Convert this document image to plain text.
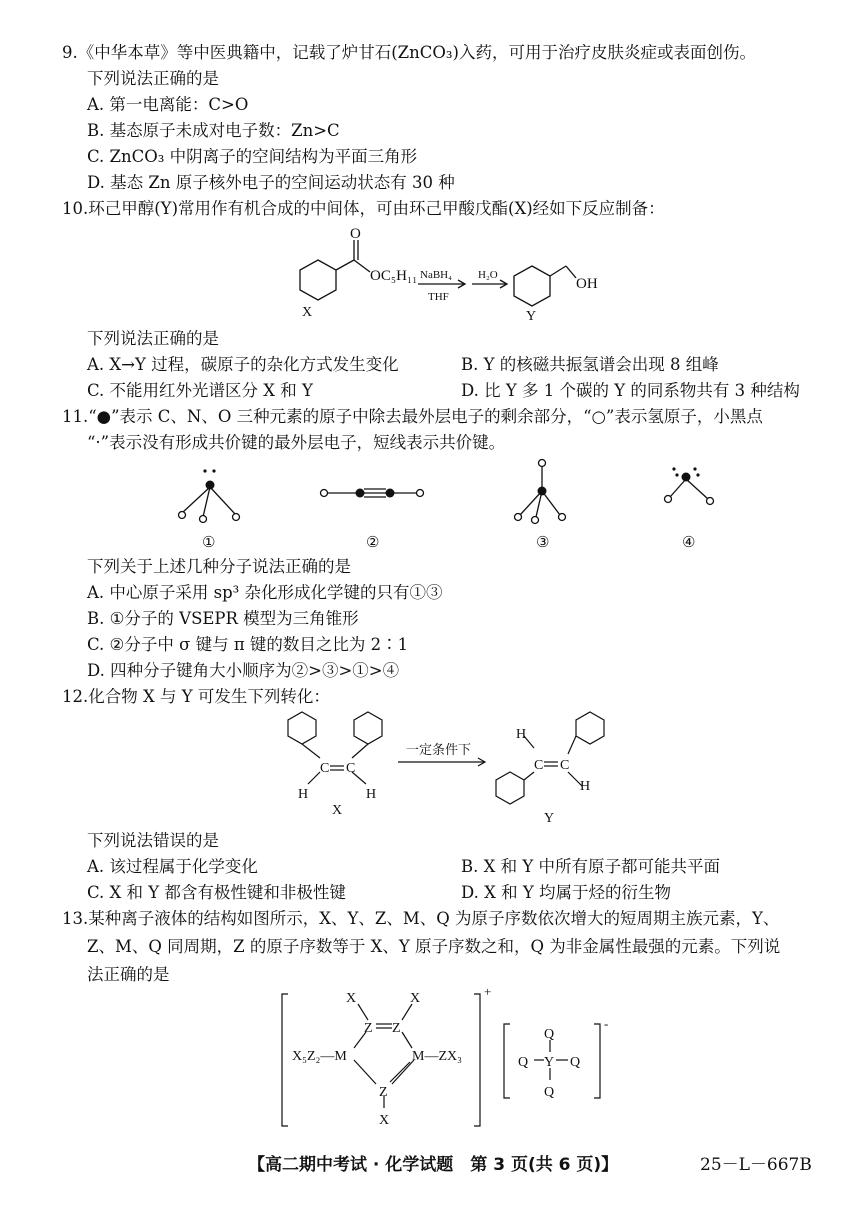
9.《中华本草》等中医典籍中，记载了炉甘石(ZnCO₃)入药，可用于治疗皮肤炎症或表面创伤。
下列说法正确的是
A. 第一电离能：C>O
B. 基态原子未成对电子数：Zn>C
C. ZnCO₃ 中阴离子的空间结构为平面三角形
D. 基态 Zn 原子核外电子的空间运动状态有 30 种
10.环己甲醇(Y)常用作有机合成的中间体，可由环己甲酸戊酯(X)经如下反应制备：
O
OC₅H₁₁ NaBH₄
THF
H₂O
OH
X	Y
下列说法正确的是
A. X→Y 过程，碳原子的杂化方式发生变化	B. Y 的核磁共振氢谱会出现 8 组峰
C. 不能用红外光谱区分 X 和 Y	D. 比 Y 多 1 个碳的 Y 的同系物共有 3 种结构
11.“●”表示 C、N、O 三种元素的原子中除去最外层电子的剩余部分，“○”表示氢原子，小黑点
“·”表示没有形成共价键的最外层电子，短线表示共价键。
①	②	③	④
下列关于上述几种分子说法正确的是
A. 中心原子采用 sp³ 杂化形成化学键的只有①③
B. ①分子的 VSEPR 模型为三角锥形
C. ②分子中 σ 键与 π 键的数目之比为 2∶1
D. 四种分子键角大小顺序为②>③>①>④
12.化合物 X 与 Y 可发生下列转化：
C C
H	H
X
一定条件下
H
C C
H
Y
下列说法错误的是
A. 该过程属于化学变化	B. X 和 Y 中所有原子都可能共平面
C. X 和 Y 都含有极性键和非极性键	D. X 和 Y 均属于烃的衍生物
13.某种离子液体的结构如图所示，X、Y、Z、M、Q 为原子序数依次增大的短周期主族元素，Y、
Z、M、Q 同周期，Z 的原子序数等于 X、Y 原子序数之和，Q 为非金属性最强的元素。下列说
法正确的是
X	X
Z Z
X₅Z₂—M	M—ZX₃
Z
X
+
Q
Q Y Q
Q
-
【高二期中考试 · 化学试题　第 3 页(共 6 页)】	25－L－667B
